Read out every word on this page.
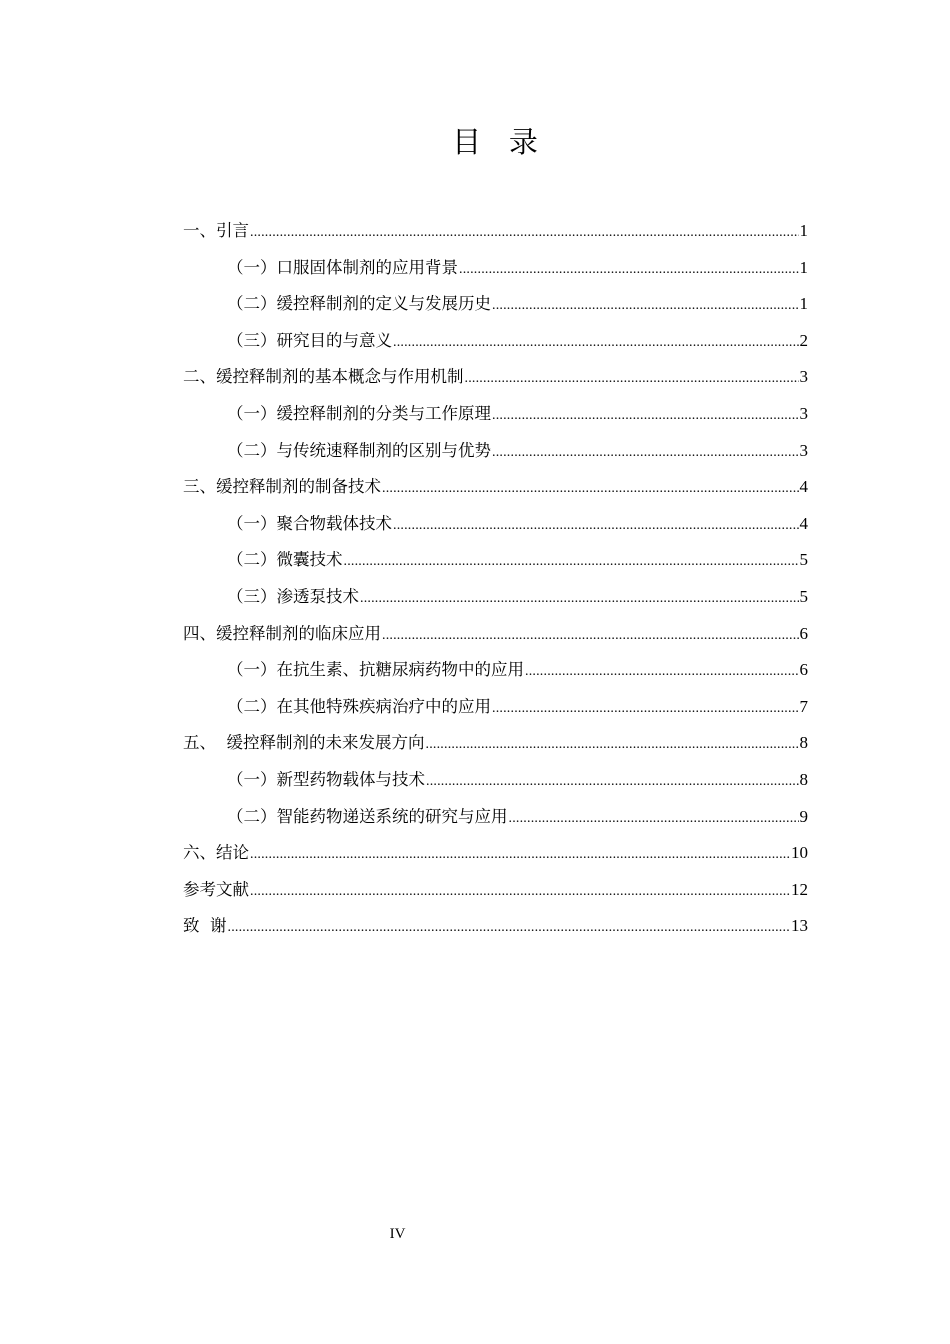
目   录
一、引言 .....	1
（一）口服固体制剂的应用背景 .....	1
（二）缓控释制剂的定义与发展历史 .....	1
（三）研究目的与意义 .....	2
二、缓控释制剂的基本概念与作用机制 .....	3
（一）缓控释制剂的分类与工作原理 .....	3
（二）与传统速释制剂的区别与优势 .....	3
三、缓控释制剂的制备技术 .....	4
（一）聚合物载体技术 .....	4
（二）微囊技术 .....	5
（三）渗透泵技术 .....	5
四、缓控释制剂的临床应用 .....	6
（一）在抗生素、抗糖尿病药物中的应用 .....	6
（二）在其他特殊疾病治疗中的应用 .....	7
五、  缓控释制剂的未来发展方向 .....	8
（一）新型药物载体与技术 .....	8
（二）智能药物递送系统的研究与应用 .....	9
六、结论 .....	10
参考文献 .....	12
致  谢 .....	13
IV
